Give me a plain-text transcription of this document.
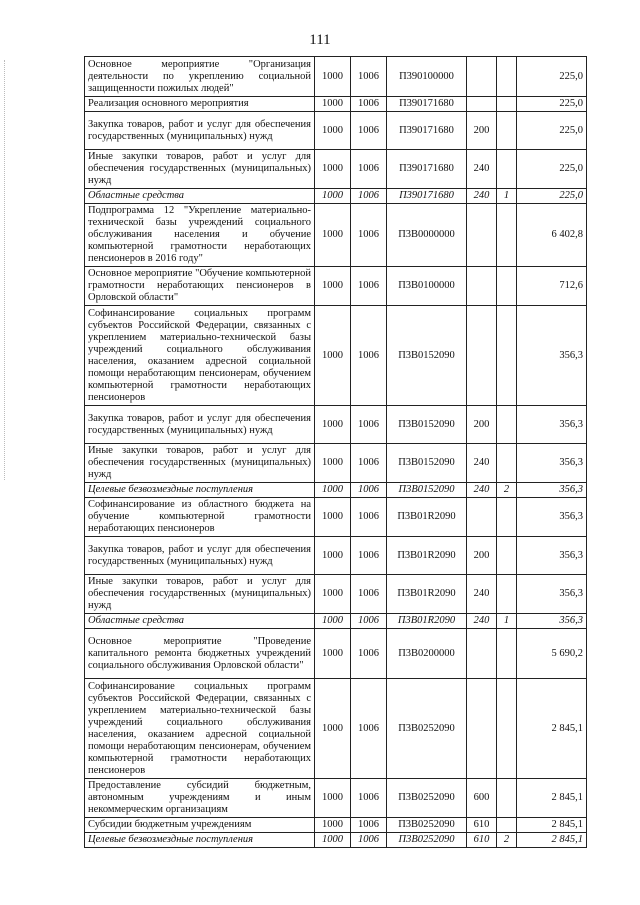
111
Основное мероприятие "Организация деятельности по укреплению социальной защищенности пожилых людей"	1000	1006	П390100000			225,0
Реализация основного мероприятия	1000	1006	П390171680			225,0
Закупка товаров, работ и услуг для обеспечения государственных (муниципальных) нужд	1000	1006	П390171680	200		225,0
Иные закупки товаров, работ и услуг для обеспечения государственных (муниципальных) нужд	1000	1006	П390171680	240		225,0
Областные средства	1000	1006	П390171680	240	1	225,0
Подпрограмма 12 "Укрепление материально-технической базы учреждений социального обслуживания населения и обучение компьютерной грамотности неработающих пенсионеров в 2016 году"	1000	1006	П3В0000000			6 402,8
Основное мероприятие "Обучение компьютерной грамотности неработающих пенсионеров в Орловской области"	1000	1006	П3В0100000			712,6
Софинансирование социальных программ субъектов Российской Федерации, связанных с укреплением материально-технической базы учреждений социального обслуживания населения, оказанием адресной социальной помощи неработающим пенсионерам, обучением компьютерной грамотности неработающих пенсионеров	1000	1006	П3В0152090			356,3
Закупка товаров, работ и услуг для обеспечения государственных (муниципальных) нужд	1000	1006	П3В0152090	200		356,3
Иные закупки товаров, работ и услуг для обеспечения государственных (муниципальных) нужд	1000	1006	П3В0152090	240		356,3
Целевые безвозмездные поступления	1000	1006	П3В0152090	240	2	356,3
Софинансирование из областного бюджета на обучение компьютерной грамотности неработающих пенсионеров	1000	1006	П3В01R2090			356,3
Закупка товаров, работ и услуг для обеспечения государственных (муниципальных) нужд	1000	1006	П3В01R2090	200		356,3
Иные закупки товаров, работ и услуг для обеспечения государственных (муниципальных) нужд	1000	1006	П3В01R2090	240		356,3
Областные средства	1000	1006	П3В01R2090	240	1	356,3
Основное мероприятие "Проведение капитального ремонта бюджетных учреждений социального обслуживания Орловской области"	1000	1006	П3В0200000			5 690,2
Софинансирование социальных программ субъектов Российской Федерации, связанных с укреплением материально-технической базы учреждений социального обслуживания населения, оказанием адресной социальной помощи неработающим пенсионерам, обучением компьютерной грамотности неработающих пенсионеров	1000	1006	П3В0252090			2 845,1
Предоставление субсидий бюджетным, автономным учреждениям и иным некоммерческим организациям	1000	1006	П3В0252090	600		2 845,1
Субсидии бюджетным учреждениям	1000	1006	П3В0252090	610		2 845,1
Целевые безвозмездные поступления	1000	1006	П3В0252090	610	2	2 845,1
